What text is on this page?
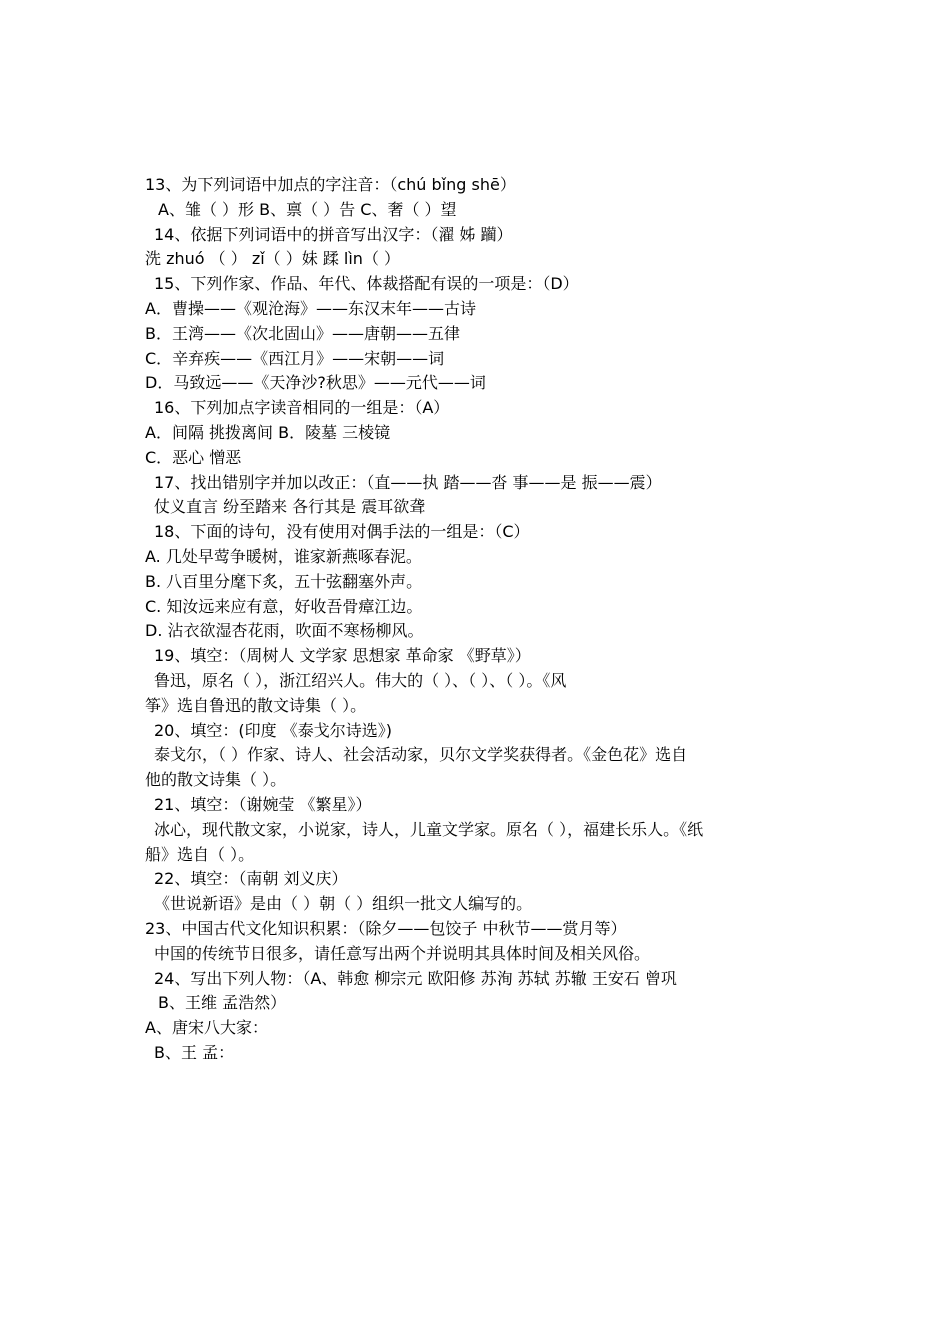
13、为下列词语中加点的字注音：（chú bǐng shē）
A、雏（ ）形 B、禀（ ）告 C、奢（ ）望
14、依据下列词语中的拼音写出汉字：（濯 姊 躏）
洗 zhuó （ ） zǐ（ ）妹 蹂 lìn（ ）
15、下列作家、作品、年代、体裁搭配有误的一项是：（D）
A．曹操——《观沧海》——东汉末年——古诗
B．王湾——《次北固山》——唐朝——五律
C．辛弃疾——《西江月》——宋朝——词
D．马致远——《天净沙?秋思》——元代——词
16、下列加点字读音相同的一组是：（A）
A．间隔 挑拨离间 B．陵墓 三棱镜
C．恶心 憎恶
17、找出错别字并加以改正：（直——执 踏——沓 事——是 振——震）
仗义直言 纷至踏来 各行其是 震耳欲聋
18、下面的诗句，没有使用对偶手法的一组是：（C）
A. 几处早莺争暖树，谁家新燕啄春泥。
B. 八百里分麾下炙，五十弦翻塞外声。
C. 知汝远来应有意，好收吾骨瘴江边。
D. 沾衣欲湿杏花雨，吹面不寒杨柳风。
19、填空：（周树人 文学家 思想家 革命家 《野草》）
鲁迅，原名（ ），浙江绍兴人。伟大的（ ）、（ ）、（ ）。《风
筝》选自鲁迅的散文诗集（ ）。
20、填空：(印度 《泰戈尔诗选》)
泰戈尔，（ ）作家、诗人、社会活动家，贝尔文学奖获得者。《金色花》选自
他的散文诗集（ ）。
21、填空：（谢婉莹 《繁星》）
冰心，现代散文家，小说家，诗人，儿童文学家。原名（ ），福建长乐人。《纸
船》选自（ ）。
22、填空：（南朝 刘义庆）
《世说新语》是由（ ）朝（ ）组织一批文人编写的。
23、中国古代文化知识积累：（除夕——包饺子 中秋节——赏月等）
中国的传统节日很多，请任意写出两个并说明其具体时间及相关风俗。
24、写出下列人物：（A、韩愈 柳宗元 欧阳修 苏洵 苏轼 苏辙 王安石 曾巩
B、王维 孟浩然）
A、唐宋八大家：
B、王 孟：
